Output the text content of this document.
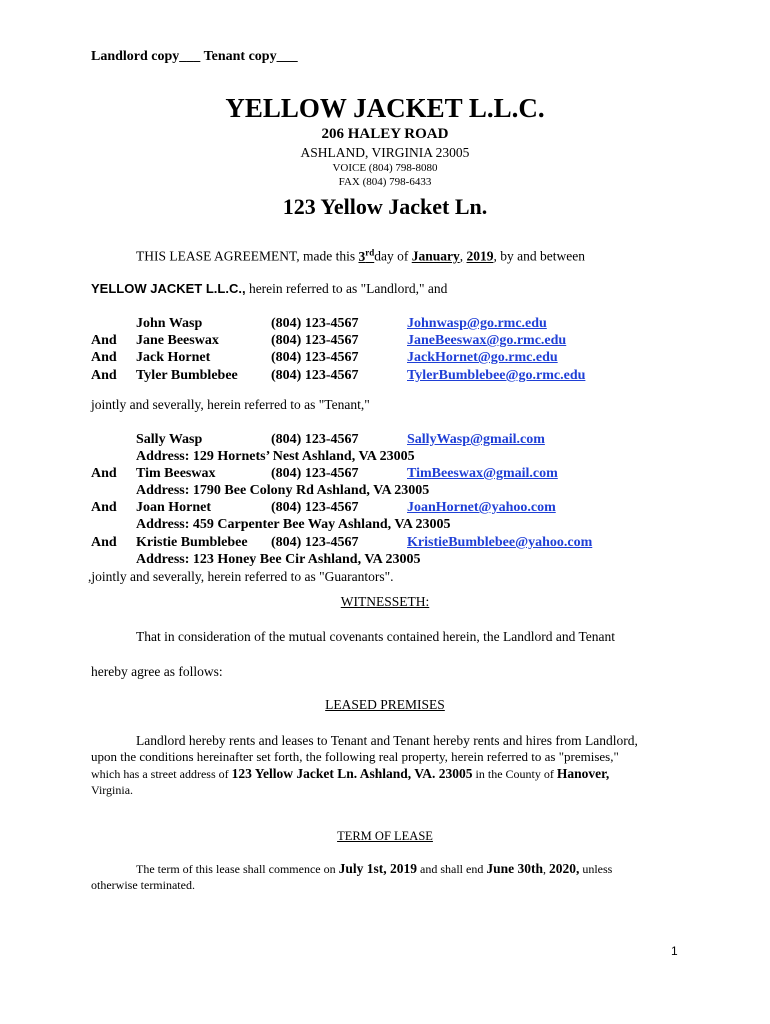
Landlord copy___ Tenant copy___
YELLOW JACKET L.L.C.
206 HALEY ROAD
ASHLAND, VIRGINIA 23005
VOICE (804) 798-8080
FAX (804) 798-6433
123 Yellow Jacket Ln.
THIS LEASE AGREEMENT, made this 3rdday of January, 2019, by and between
YELLOW JACKET L.L.C., herein referred to as "Landlord," and
John Wasp	(804) 123-4567	Johnwasp@go.rmc.edu
And Jane Beeswax	(804) 123-4567	JaneBeeswax@go.rmc.edu
And Jack Hornet	(804) 123-4567	JackHornet@go.rmc.edu
And Tyler Bumblebee (804) 123-4567	TylerBumblebee@go.rmc.edu
jointly and severally, herein referred to as "Tenant,"
Sally Wasp	(804) 123-4567	SallyWasp@gmail.com
Address: 129 Hornets’ Nest Ashland, VA 23005
And Tim Beeswax	(804) 123-4567	TimBeeswax@gmail.com
Address: 1790 Bee Colony Rd Ashland, VA 23005
And Joan Hornet	(804) 123-4567	JoanHornet@yahoo.com
Address: 459 Carpenter Bee Way Ashland, VA 23005
And Kristie Bumblebee (804) 123-4567	KristieBumblebee@yahoo.com
Address: 123 Honey Bee Cir Ashland, VA 23005
,jointly and severally, herein referred to as "Guarantors".
WITNESSETH:
That in consideration of the mutual covenants contained herein, the Landlord and Tenant
hereby agree as follows:
LEASED PREMISES
Landlord hereby rents and leases to Tenant and Tenant hereby rents and hires from Landlord,
upon the conditions hereinafter set forth, the following real property, herein referred to as "premises,"
which has a street address of 123 Yellow Jacket Ln. Ashland, VA. 23005 in the County of Hanover,
Virginia.
TERM OF LEASE
The term of this lease shall commence on July 1st, 2019 and shall end June 30th, 2020, unless
otherwise terminated.
1
